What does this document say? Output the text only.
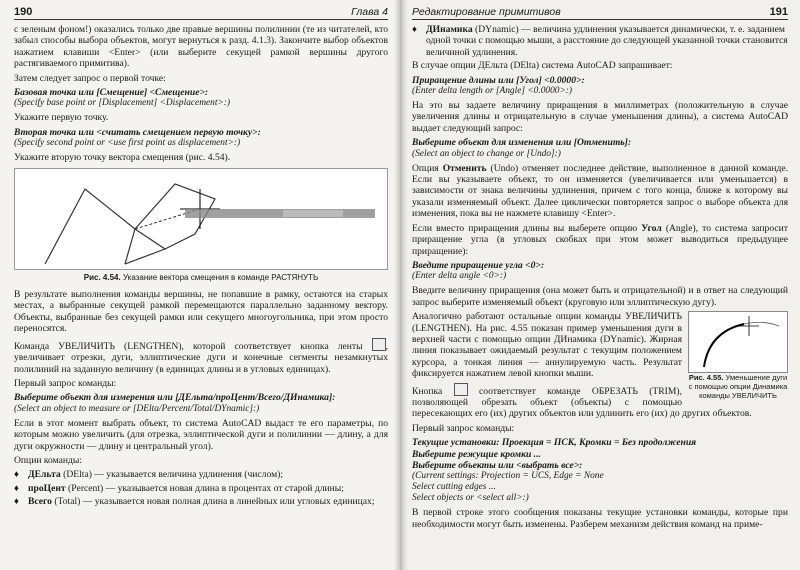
190	Глава 4

с зеленым фоном!) оказались только две правые вершины полилинии (те из читателей, кто забыл способы выбора объектов, могут вернуться к разд. 4.1.3). Закончите выбор объектов нажатием клавиши <Enter> (или выберите секущей рамкой вершины другого растягиваемого примитива).

Затем следует запрос о первой точке:

Базовая точка или [Смещение] <Смещение>:
(Specify base point or [Displacement] <Displacement>:)

Укажите первую точку.

Вторая точка или <считать смещением первую точку>:
(Specify second point or <use first point as displacement>:)

Укажите вторую точку вектора смещения (рис. 4.54).

Рис. 4.54. Указание вектора смещения в команде РАСТЯНУТЬ

В результате выполнения команды вершины, не попавшие в рамку, остаются на старых местах, а выбранные секущей рамкой перемещаются параллельно заданному вектору. Объекты, выбранные без секущей рамки или секущего многоугольника, при этом просто переносятся.

Команда УВЕЛИЧИТЬ (LENGTHEN), которой соответствует кнопка ленты , увеличивает отрезки, дуги, эллиптические дуги и конечные сегменты незамкнутых полилиний на заданную величину (в единицах длины и в угловых единицах).

Первый запрос команды:

Выберите объект для измерения или [ДЕльта/проЦент/Всего/ДИнамика]:
(Select an object to measure or [DElta/Percent/Total/DYnamic]:)

Если в этот момент выбрать объект, то система AutoCAD выдаст те его параметры, по которым можно увеличить (для отрезка, эллиптической дуги и полилинии — длину, а для дуги окружности — длину и центральный угол).

Опции команды:

♦ ДЕльта (DElta) — указывается величина удлинения (числом);
♦ проЦент (Percent) — указывается новая длина в процентах от старой длины;
♦ Всего (Total) — указывается новая полная длина в линейных или угловых единицах;
Редактирование примитивов	191
♦ ДИнамика (DYnamic) — величина удлинения указывается динамически, т. е. заданием одной точки с помощью мыши, а расстояние до следующей указанной точки становится величиной удлинения.

В случае опции ДЕльта (DElta) система AutoCAD запрашивает:

Приращение длины или [Угол] <0.0000>:
(Enter delta length or [Angle] <0.0000>:)

На это вы задаете величину приращения в миллиметрах (положительную в случае увеличения длины и отрицательную в случае уменьшения длины), а система AutoCAD выдает следующий запрос:

Выберите объект для изменения или [Отменить]:
(Select an object to change or [Undo]:)

Опция Отменить (Undo) отменяет последнее действие, выполненное в данной команде. Если вы указываете объект, то он изменяется (увеличивается или уменьшается) в зависимости от знака величины удлинения, причем с того конца, ближе к которому вы указали изменяемый объект. Далее циклически повторяется запрос о выборе объекта для изменения, пока вы не нажмете клавишу <Enter>.

Если вместо приращения длины вы выберете опцию Угол (Angle), то система запросит приращение угла (в угловых скобках при этом может выводиться предыдущее приращение):

Введите приращение угла <0>:
(Enter delta angle <0>:)

Введите величину приращения (она может быть и отрицательной) и в ответ на следующий запрос выберите изменяемый объект (круговую или эллиптическую дугу).

Рис. 4.55. Уменьшение дуги с помощью опции Динамика команды УВЕЛИЧИТЬ

Аналогично работают остальные опции команды УВЕЛИЧИТЬ (LENGTHEN). На рис. 4.55 показан пример уменьшения дуги в верхней части с помощью опции ДИнамика (DYnamic). Жирная линия показывает ожидаемый результат с текущим положением курсора, а тонкая линия — аннулируемую часть. Результат фиксируется нажатием левой кнопки мыши.

Кнопка	соответствует команде ОБРЕЗАТЬ (TRIM), позволяющей обрезать объект (объекты) с помощью пересекающих его (их) других объектов или удлинить его (их) до других объектов.

Первый запрос команды:

Текущие установки: Проекция = ПСК, Кромки = Без продолжения
Выберите режущие кромки ...
Выберите объекты или <выбрать все>:
(Current settings: Projection = UCS, Edge = None
Select cutting edges ...
Select objects or <select all>:)

В первой строке этого сообщения показаны текущие установки команды, которые при необходимости могут быть изменены. Разберем механизм действия команд на приме-
